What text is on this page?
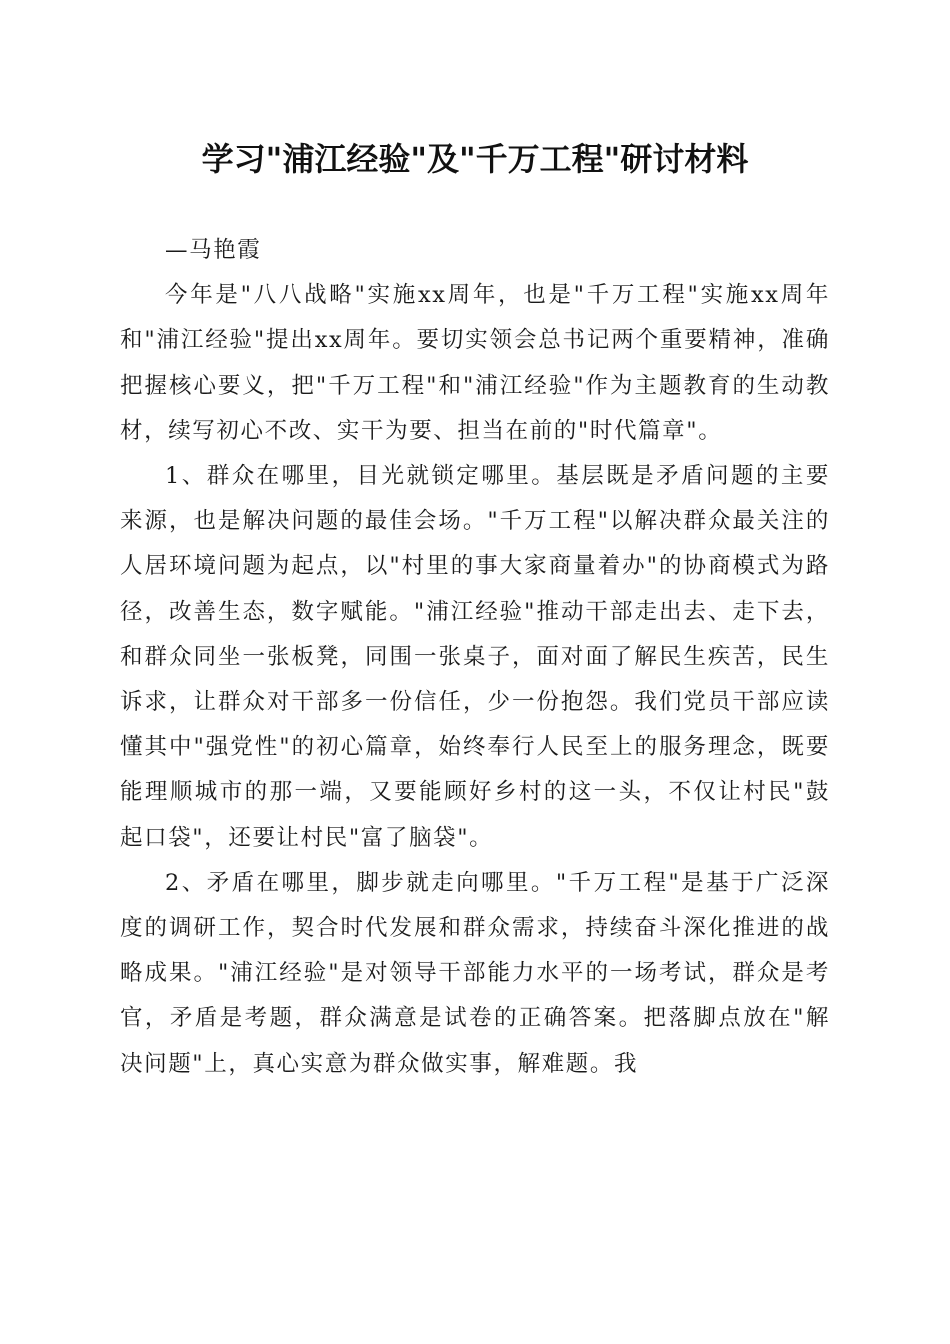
学习"浦江经验"及"千万工程"研讨材料

—马艳霞

今年是"八八战略"实施xx周年，也是"千万工程"实施xx周年和"浦江经验"提出xx周年。要切实领会总书记两个重要精神，准确把握核心要义，把"千万工程"和"浦江经验"作为主题教育的生动教材，续写初心不改、实干为要、担当在前的"时代篇章"。

1、群众在哪里，目光就锁定哪里。基层既是矛盾问题的主要来源，也是解决问题的最佳会场。"千万工程"以解决群众最关注的人居环境问题为起点，以"村里的事大家商量着办"的协商模式为路径，改善生态，数字赋能。"浦江经验"推动干部走出去、走下去，和群众同坐一张板凳，同围一张桌子，面对面了解民生疾苦，民生诉求，让群众对干部多一份信任，少一份抱怨。我们党员干部应读懂其中"强党性"的初心篇章，始终奉行人民至上的服务理念，既要能理顺城市的那一端，又要能顾好乡村的这一头，不仅让村民"鼓起口袋"，还要让村民"富了脑袋"。

2、矛盾在哪里，脚步就走向哪里。"千万工程"是基于广泛深度的调研工作，契合时代发展和群众需求，持续奋斗深化推进的战略成果。"浦江经验"是对领导干部能力水平的一场考试，群众是考官，矛盾是考题，群众满意是试卷的正确答案。把落脚点放在"解决问题"上，真心实意为群众做实事，解难题。我
